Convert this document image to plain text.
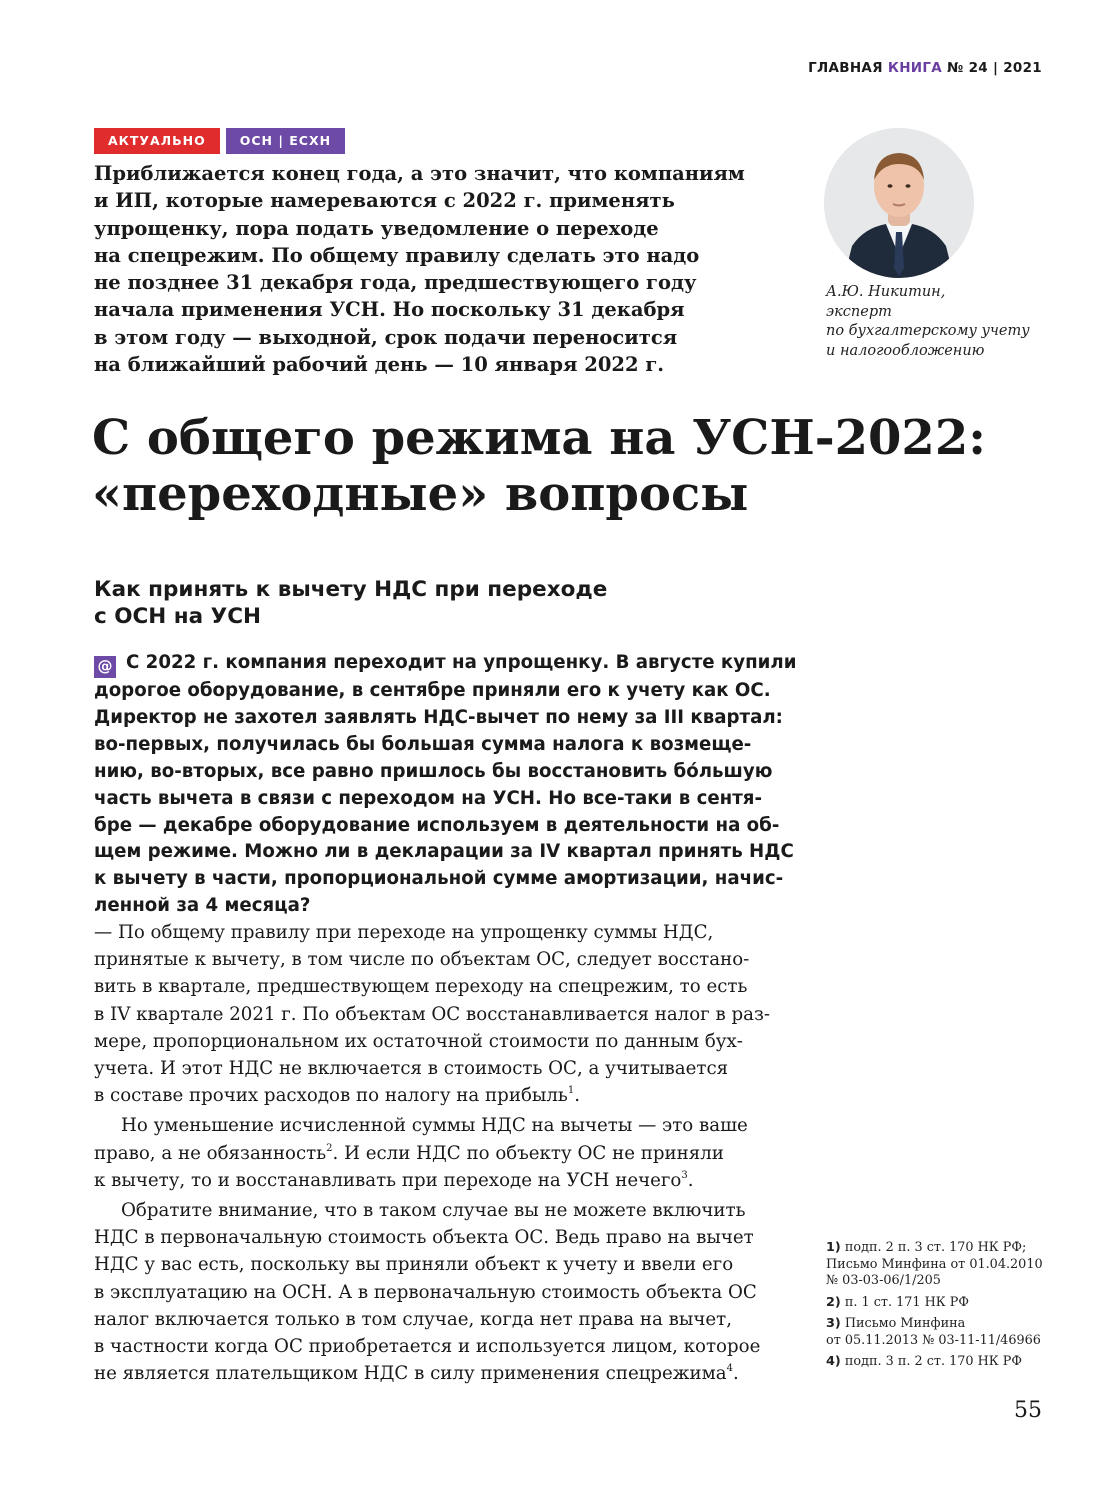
ГЛАВНАЯ КНИГА № 24 | 2021
АКТУАЛЬНО	ОСН | ЕСХН

Приближается конец года, а это значит, что компаниям
и ИП, которые намереваются с 2022 г. применять
упрощенку, пора подать уведомление о переходе
на спецрежим. По общему правилу сделать это надо
не позднее 31 декабря года, предшествующего году
начала применения УСН. Но поскольку 31 декабря
в этом году — выходной, срок подачи переносится
на ближайший рабочий день — 10 января 2022 г.

А.Ю. Никитин,
эксперт
по бухгалтерскому учету
и налогообложению
С общего режима на УСН-2022:
«переходные» вопросы
Как принять к вычету НДС при переходе
с ОСН на УСН
@ С 2022 г. компания переходит на упрощенку. В августе купили
дорогое оборудование, в сентябре приняли его к учету как ОС.
Директор не захотел заявлять НДС-вычет по нему за III квартал:
во-первых, получилась бы большая сумма налога к возмеще-
нию, во-вторых, все равно пришлось бы восстановить бóльшую
часть вычета в связи с переходом на УСН. Но все-таки в сентя-
бре — декабре оборудование используем в деятельности на об-
щем режиме. Можно ли в декларации за IV квартал принять НДС
к вычету в части, пропорциональной сумме амортизации, начис-
ленной за 4 месяца?
— По общему правилу при переходе на упрощенку суммы НДС,
принятые к вычету, в том числе по объектам ОС, следует восстано-
вить в квартале, предшествующем переходу на спецрежим, то есть
в IV квартале 2021 г. По объектам ОС восстанавливается налог в раз-
мере, пропорциональном их остаточной стоимости по данным бух-
учета. И этот НДС не включается в стоимость ОС, а учитывается
в составе прочих расходов по налогу на прибыль$^1$.
Но уменьшение исчисленной суммы НДС на вычеты — это ваше
право, а не обязанность$^2$. И если НДС по объекту ОС не приняли
к вычету, то и восстанавливать при переходе на УСН нечего$^3$.
Обратите внимание, что в таком случае вы не можете включить
НДС в первоначальную стоимость объекта ОС. Ведь право на вычет
НДС у вас есть, поскольку вы приняли объект к учету и ввели его
в эксплуатацию на ОСН. А в первоначальную стоимость объекта ОС
налог включается только в том случае, когда нет права на вычет,
в частности когда ОС приобретается и используется лицом, которое
не является плательщиком НДС в силу применения спецрежима$^4$.
1) подп. 2 п. 3 ст. 170 НК РФ;
Письмо Минфина от 01.04.2010
№ 03-03-06/1/205
2) п. 1 ст. 171 НК РФ
3) Письмо Минфина
от 05.11.2013 № 03-11-11/46966
4) подп. 3 п. 2 ст. 170 НК РФ
55
